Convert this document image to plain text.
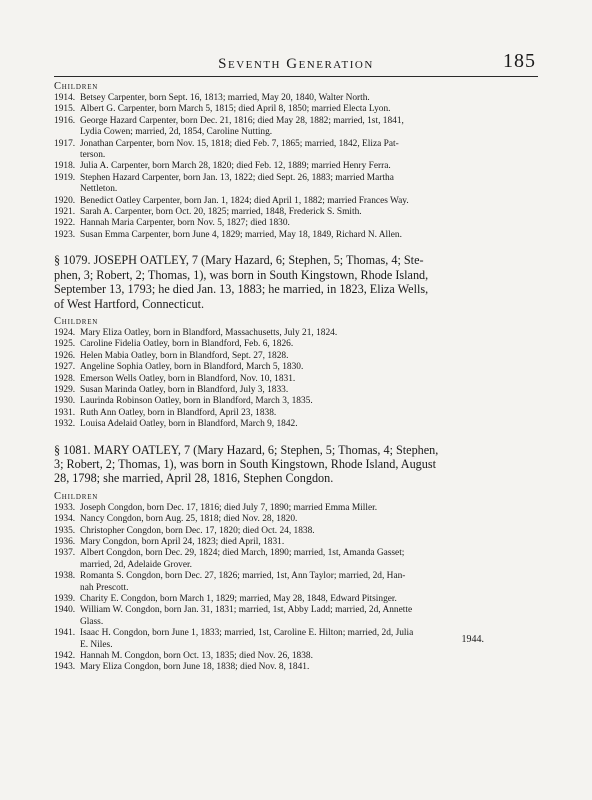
Seventh Generation	185

Children

1914. Betsey Carpenter, born Sept. 16, 1813; married, May 20, 1840, Walter North.
1915. Albert G. Carpenter, born March 5, 1815; died April 8, 1850; married Electa Lyon.
1916. George Hazard Carpenter, born Dec. 21, 1816; died May 28, 1882; married, 1st, 1841,
Lydia Cowen; married, 2d, 1854, Caroline Nutting.
1917. Jonathan Carpenter, born Nov. 15, 1818; died Feb. 7, 1865; married, 1842, Eliza Pat-
terson.
1918. Julia A. Carpenter, born March 28, 1820; died Feb. 12, 1889; married Henry Ferra.
1919. Stephen Hazard Carpenter, born Jan. 13, 1822; died Sept. 26, 1883; married Martha
Nettleton.
1920. Benedict Oatley Carpenter, born Jan. 1, 1824; died April 1, 1882; married Frances Way.
1921. Sarah A. Carpenter, born Oct. 20, 1825; married, 1848, Frederick S. Smith.
1922. Hannah Maria Carpenter, born Nov. 5, 1827; died 1830.
1923. Susan Emma Carpenter, born June 4, 1829; married, May 18, 1849, Richard N. Allen.

§ 1079. JOSEPH OATLEY, 7 (Mary Hazard, 6; Stephen, 5; Thomas, 4; Ste-
phen, 3; Robert, 2; Thomas, 1), was born in South Kingstown, Rhode Island,
September 13, 1793; he died Jan. 13, 1883; he married, in 1823, Eliza Wells,
of West Hartford, Connecticut.

Children

1924. Mary Eliza Oatley, born in Blandford, Massachusetts, July 21, 1824.
1925. Caroline Fidelia Oatley, born in Blandford, Feb. 6, 1826.
1926. Helen Mabia Oatley, born in Blandford, Sept. 27, 1828.
1927. Angeline Sophia Oatley, born in Blandford, March 5, 1830.
1928. Emerson Wells Oatley, born in Blandford, Nov. 10, 1831.
1929. Susan Marinda Oatley, born in Blandford, July 3, 1833.
1930. Laurinda Robinson Oatley, born in Blandford, March 3, 1835.
1931. Ruth Ann Oatley, born in Blandford, April 23, 1838.
1932. Louisa Adelaid Oatley, born in Blandford, March 9, 1842.

§ 1081. MARY OATLEY, 7 (Mary Hazard, 6; Stephen, 5; Thomas, 4; Stephen,
3; Robert, 2; Thomas, 1), was born in South Kingstown, Rhode Island, August
28, 1798; she married, April 28, 1816, Stephen Congdon.

Children

1933. Joseph Congdon, born Dec. 17, 1816; died July 7, 1890; married Emma Miller.
1934. Nancy Congdon, born Aug. 25, 1818; died Nov. 28, 1820.
1935. Christopher Congdon, born Dec. 17, 1820; died Oct. 24, 1838.
1936. Mary Congdon, born April 24, 1823; died April, 1831.
1937. Albert Congdon, born Dec. 29, 1824; died March, 1890; married, 1st, Amanda Gasset;
married, 2d, Adelaide Grover.
1938. Romanta S. Congdon, born Dec. 27, 1826; married, 1st, Ann Taylor; married, 2d, Han-
nah Prescott.
1939. Charity E. Congdon, born March 1, 1829; married, May 28, 1848, Edward Pitsinger.
1940. William W. Congdon, born Jan. 31, 1831; married, 1st, Abby Ladd; married, 2d, Annette
Glass.
1941. Isaac H. Congdon, born June 1, 1833; married, 1st, Caroline E. Hilton; married, 2d, Julia
E. Niles.
1942. Hannah M. Congdon, born Oct. 13, 1835; died Nov. 26, 1838.
1943. Mary Eliza Congdon, born June 18, 1838; died Nov. 8, 1841.
1944.
